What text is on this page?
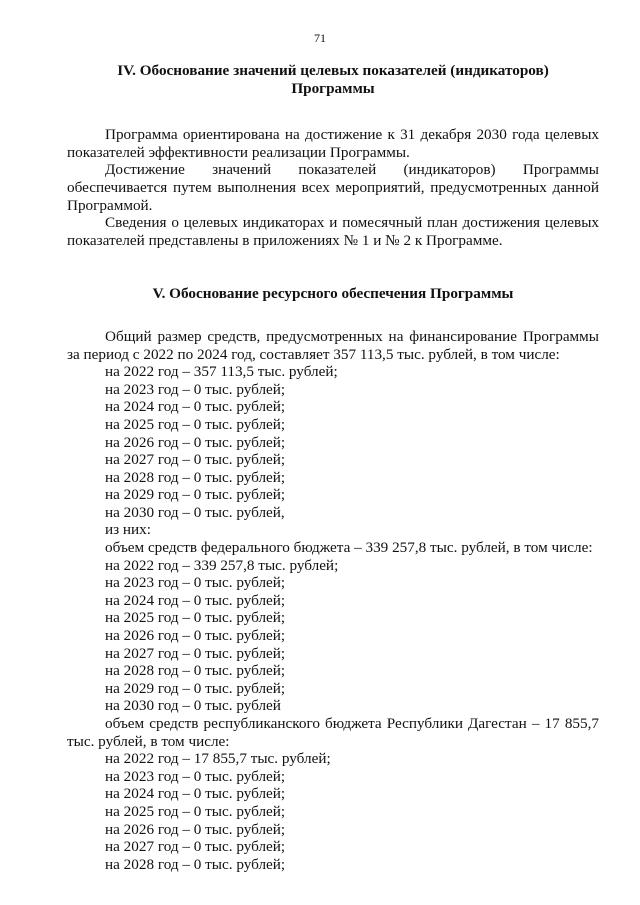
71
IV. Обоснование значений целевых показателей (индикаторов)
Программы

Программа ориентирована на достижение к 31 декабря 2030 года целевых показателей эффективности реализации Программы.

Достижение значений показателей (индикаторов) Программы обеспечивается путем выполнения всех мероприятий, предусмотренных данной Программой.

Сведения о целевых индикаторах и помесячный план достижения целевых показателей представлены в приложениях № 1 и № 2 к Программе.

V. Обоснование ресурсного обеспечения Программы

Общий размер средств, предусмотренных на финансирование Программы за период с 2022 по 2024 год, составляет 357 113,5 тыс. рублей, в том числе:

на 2022 год – 357 113,5 тыс. рублей;

на 2023 год – 0 тыс. рублей;

на 2024 год – 0 тыс. рублей;

на 2025 год – 0 тыс. рублей;

на 2026 год – 0 тыс. рублей;

на 2027 год – 0 тыс. рублей;

на 2028 год – 0 тыс. рублей;

на 2029 год – 0 тыс. рублей;

на 2030 год – 0 тыс. рублей,

из них:

объем средств федерального бюджета – 339 257,8 тыс. рублей, в том числе:

на 2022 год – 339 257,8 тыс. рублей;

на 2023 год – 0 тыс. рублей;

на 2024 год – 0 тыс. рублей;

на 2025 год – 0 тыс. рублей;

на 2026 год – 0 тыс. рублей;

на 2027 год – 0 тыс. рублей;

на 2028 год – 0 тыс. рублей;

на 2029 год – 0 тыс. рублей;

на 2030 год – 0 тыс. рублей

объем средств республиканского бюджета Республики Дагестан – 17 855,7 тыс. рублей, в том числе:

на 2022 год – 17 855,7 тыс. рублей;

на 2023 год – 0 тыс. рублей;

на 2024 год – 0 тыс. рублей;

на 2025 год – 0 тыс. рублей;

на 2026 год – 0 тыс. рублей;

на 2027 год – 0 тыс. рублей;

на 2028 год – 0 тыс. рублей;
